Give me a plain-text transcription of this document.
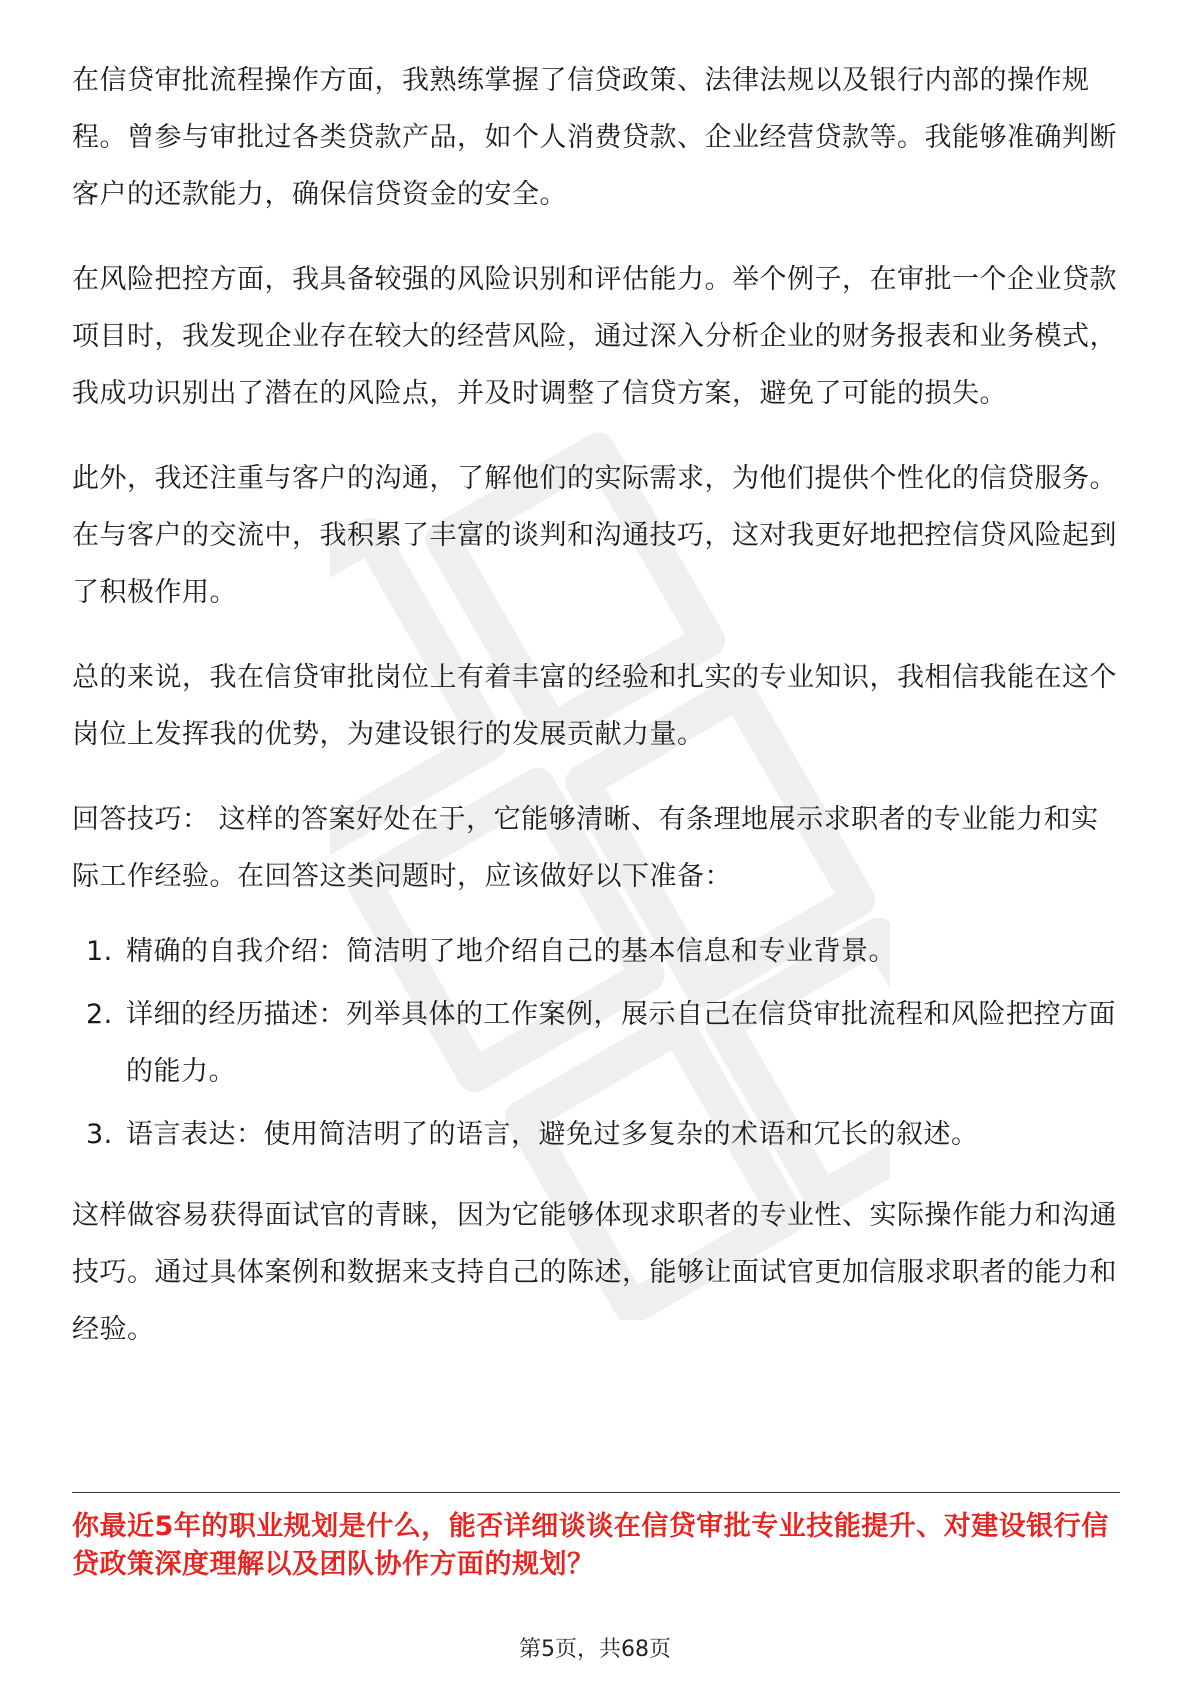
在信贷审批流程操作方面，我熟练掌握了信贷政策、法律法规以及银行内部的操作规程。曾参与审批过各类贷款产品，如个人消费贷款、企业经营贷款等。我能够准确判断客户的还款能力，确保信贷资金的安全。

在风险把控方面，我具备较强的风险识别和评估能力。举个例子，在审批一个企业贷款项目时，我发现企业存在较大的经营风险，通过深入分析企业的财务报表和业务模式，我成功识别出了潜在的风险点，并及时调整了信贷方案，避免了可能的损失。

此外，我还注重与客户的沟通，了解他们的实际需求，为他们提供个性化的信贷服务。在与客户的交流中，我积累了丰富的谈判和沟通技巧，这对我更好地把控信贷风险起到了积极作用。

总的来说，我在信贷审批岗位上有着丰富的经验和扎实的专业知识，我相信我能在这个岗位上发挥我的优势，为建设银行的发展贡献力量。

回答技巧： 这样的答案好处在于，它能够清晰、有条理地展示求职者的专业能力和实际工作经验。在回答这类问题时，应该做好以下准备：

1. 精确的自我介绍：简洁明了地介绍自己的基本信息和专业背景。
2. 详细的经历描述：列举具体的工作案例，展示自己在信贷审批流程和风险把控方面的能力。
3. 语言表达：使用简洁明了的语言，避免过多复杂的术语和冗长的叙述。

这样做容易获得面试官的青睐，因为它能够体现求职者的专业性、实际操作能力和沟通技巧。通过具体案例和数据来支持自己的陈述，能够让面试官更加信服求职者的能力和经验。

你最近5年的职业规划是什么，能否详细谈谈在信贷审批专业技能提升、对建设银行信贷政策深度理解以及团队协作方面的规划？

第5页，共68页
